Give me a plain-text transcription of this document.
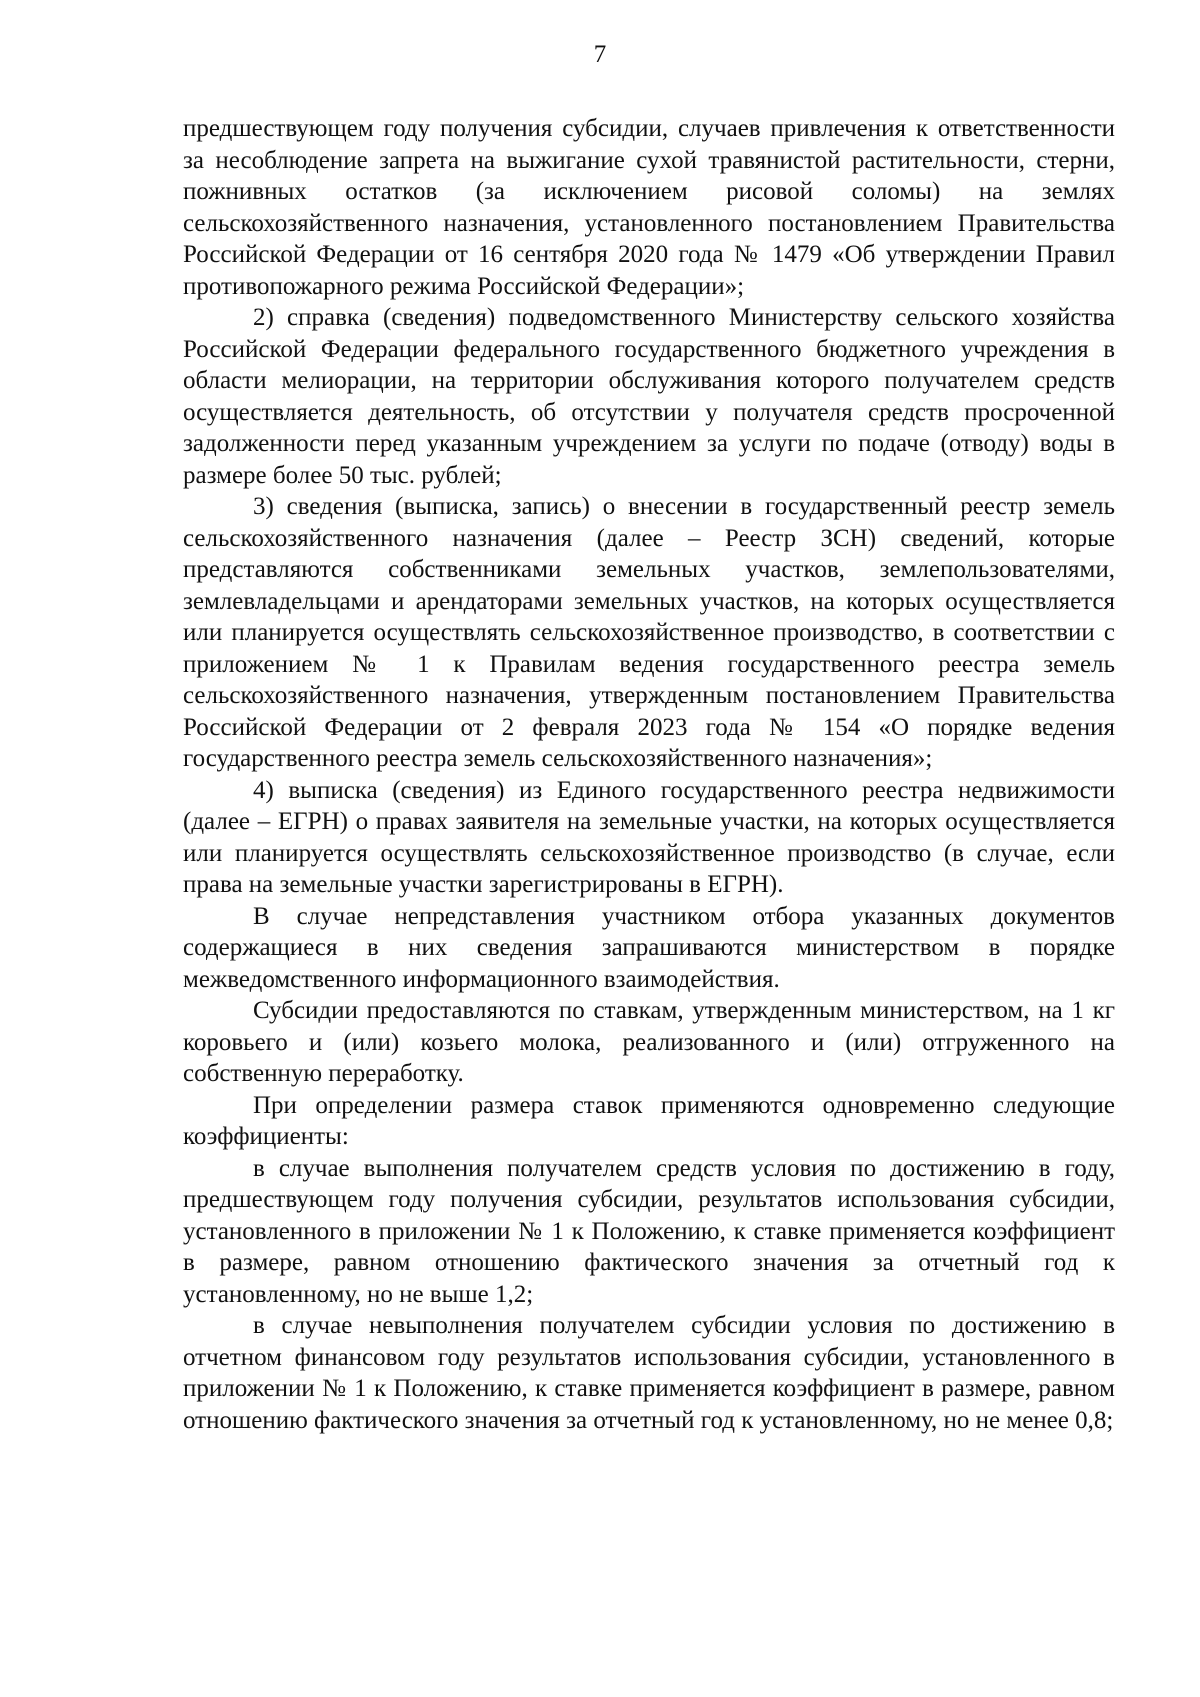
7

предшествующем году получения субсидии, случаев привлечения к ответственности за несоблюдение запрета на выжигание сухой травянистой растительности, стерни, пожнивных остатков (за исключением рисовой соломы) на землях сельскохозяйственного назначения, установленного постановлением Правительства Российской Федерации от 16 сентября 2020 года № 1479 «Об утверждении Правил противопожарного режима Российской Федерации»;

2) справка (сведения) подведомственного Министерству сельского хозяйства Российской Федерации федерального государственного бюджетного учреждения в области мелиорации, на территории обслуживания которого получателем средств осуществляется деятельность, об отсутствии у получателя средств просроченной задолженности перед указанным учреждением за услуги по подаче (отводу) воды в размере более 50 тыс. рублей;

3) сведения (выписка, запись) о внесении в государственный реестр земель сельскохозяйственного назначения (далее – Реестр ЗСН) сведений, которые представляются собственниками земельных участков, землепользователями, землевладельцами и арендаторами земельных участков, на которых осуществляется или планируется осуществлять сельскохозяйственное производство, в соответствии с приложением № 1 к Правилам ведения государственного реестра земель сельскохозяйственного назначения, утвержденным постановлением Правительства Российской Федерации от 2 февраля 2023 года № 154 «О порядке ведения государственного реестра земель сельскохозяйственного назначения»;

4) выписка (сведения) из Единого государственного реестра недвижимости (далее – ЕГРН) о правах заявителя на земельные участки, на которых осуществляется или планируется осуществлять сельскохозяйственное производство (в случае, если права на земельные участки зарегистрированы в ЕГРН).

В случае непредставления участником отбора указанных документов содержащиеся в них сведения запрашиваются министерством в порядке межведомственного информационного взаимодействия.

Субсидии предоставляются по ставкам, утвержденным министерством, на 1 кг коровьего и (или) козьего молока, реализованного и (или) отгруженного на собственную переработку.

При определении размера ставок применяются одновременно следующие коэффициенты:

в случае выполнения получателем средств условия по достижению в году, предшествующем году получения субсидии, результатов использования субсидии, установленного в приложении № 1 к Положению, к ставке применяется коэффициент в размере, равном отношению фактического значения за отчетный год к установленному, но не выше 1,2;

в случае невыполнения получателем субсидии условия по достижению в отчетном финансовом году результатов использования субсидии, установленного в приложении № 1 к Положению, к ставке применяется коэффициент в размере, равном отношению фактического значения за отчетный год к установленному, но не менее 0,8;
